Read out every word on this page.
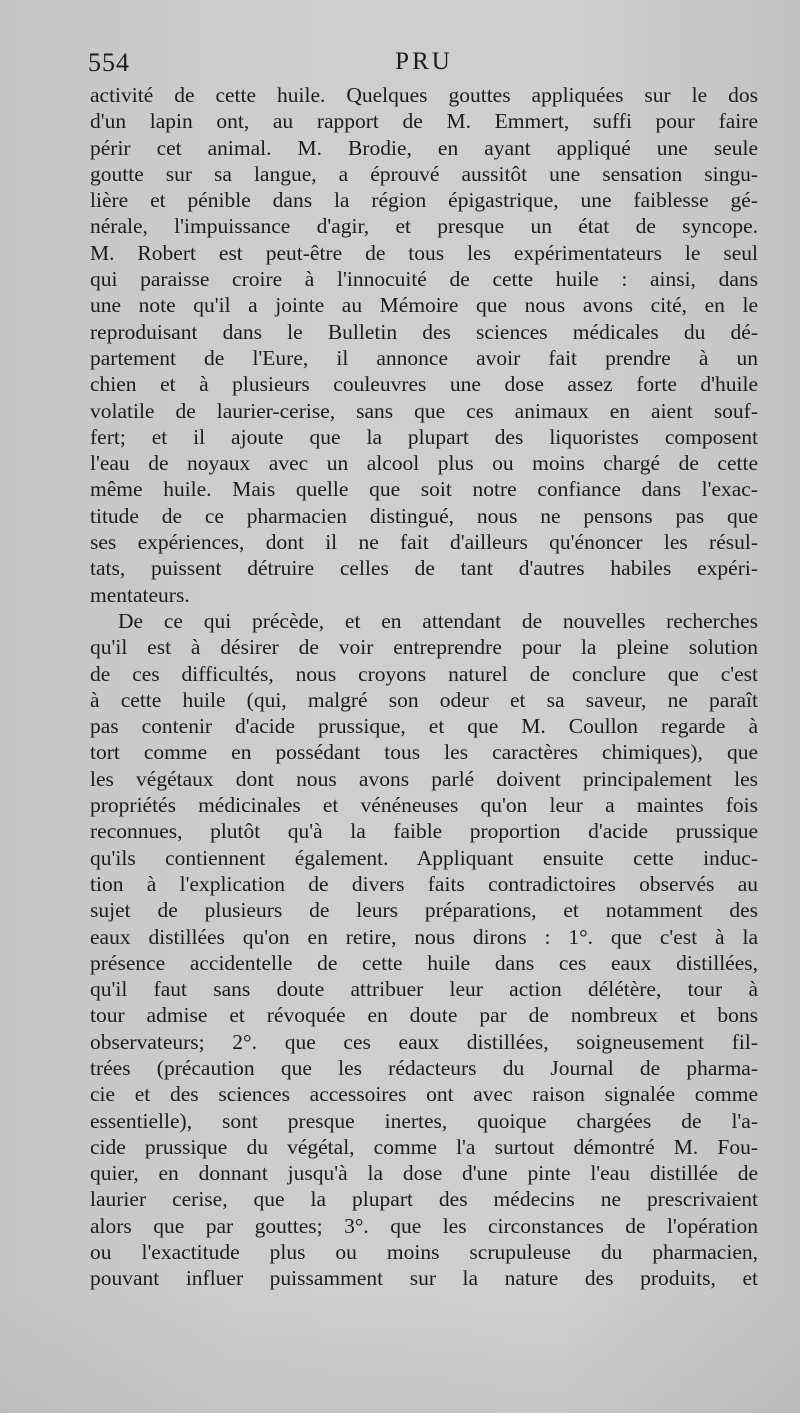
554	PRU
activité de cette huile. Quelques gouttes appliquées sur le dos
d'un lapin ont, au rapport de M. Emmert, suffi pour faire
périr cet animal. M. Brodie, en ayant appliqué une seule
goutte sur sa langue, a éprouvé aussitôt une sensation singu-
lière et pénible dans la région épigastrique, une faiblesse gé-
nérale, l'impuissance d'agir, et presque un état de syncope.
M. Robert est peut-être de tous les expérimentateurs le seul
qui paraisse croire à l'innocuité de cette huile : ainsi, dans
une note qu'il a jointe au Mémoire que nous avons cité, en le
reproduisant dans le Bulletin des sciences médicales du dé-
partement de l'Eure, il annonce avoir fait prendre à un
chien et à plusieurs couleuvres une dose assez forte d'huile
volatile de laurier-cerise, sans que ces animaux en aient souf-
fert; et il ajoute que la plupart des liquoristes composent
l'eau de noyaux avec un alcool plus ou moins chargé de cette
même huile. Mais quelle que soit notre confiance dans l'exac-
titude de ce pharmacien distingué, nous ne pensons pas que
ses expériences, dont il ne fait d'ailleurs qu'énoncer les résul-
tats, puissent détruire celles de tant d'autres habiles expéri-
mentateurs.
De ce qui précède, et en attendant de nouvelles recherches
qu'il est à désirer de voir entreprendre pour la pleine solution
de ces difficultés, nous croyons naturel de conclure que c'est
à cette huile (qui, malgré son odeur et sa saveur, ne paraît
pas contenir d'acide prussique, et que M. Coullon regarde à
tort comme en possédant tous les caractères chimiques), que
les végétaux dont nous avons parlé doivent principalement les
propriétés médicinales et vénéneuses qu'on leur a maintes fois
reconnues, plutôt qu'à la faible proportion d'acide prussique
qu'ils contiennent également. Appliquant ensuite cette induc-
tion à l'explication de divers faits contradictoires observés au
sujet de plusieurs de leurs préparations, et notamment des
eaux distillées qu'on en retire, nous dirons : 1°. que c'est à la
présence accidentelle de cette huile dans ces eaux distillées,
qu'il faut sans doute attribuer leur action délétère, tour à
tour admise et révoquée en doute par de nombreux et bons
observateurs; 2°. que ces eaux distillées, soigneusement fil-
trées (précaution que les rédacteurs du Journal de pharma-
cie et des sciences accessoires ont avec raison signalée comme
essentielle), sont presque inertes, quoique chargées de l'a-
cide prussique du végétal, comme l'a surtout démontré M. Fou-
quier, en donnant jusqu'à la dose d'une pinte l'eau distillée de
laurier cerise, que la plupart des médecins ne prescrivaient
alors que par gouttes; 3°. que les circonstances de l'opération
ou l'exactitude plus ou moins scrupuleuse du pharmacien,
pouvant influer puissamment sur la nature des produits, et
